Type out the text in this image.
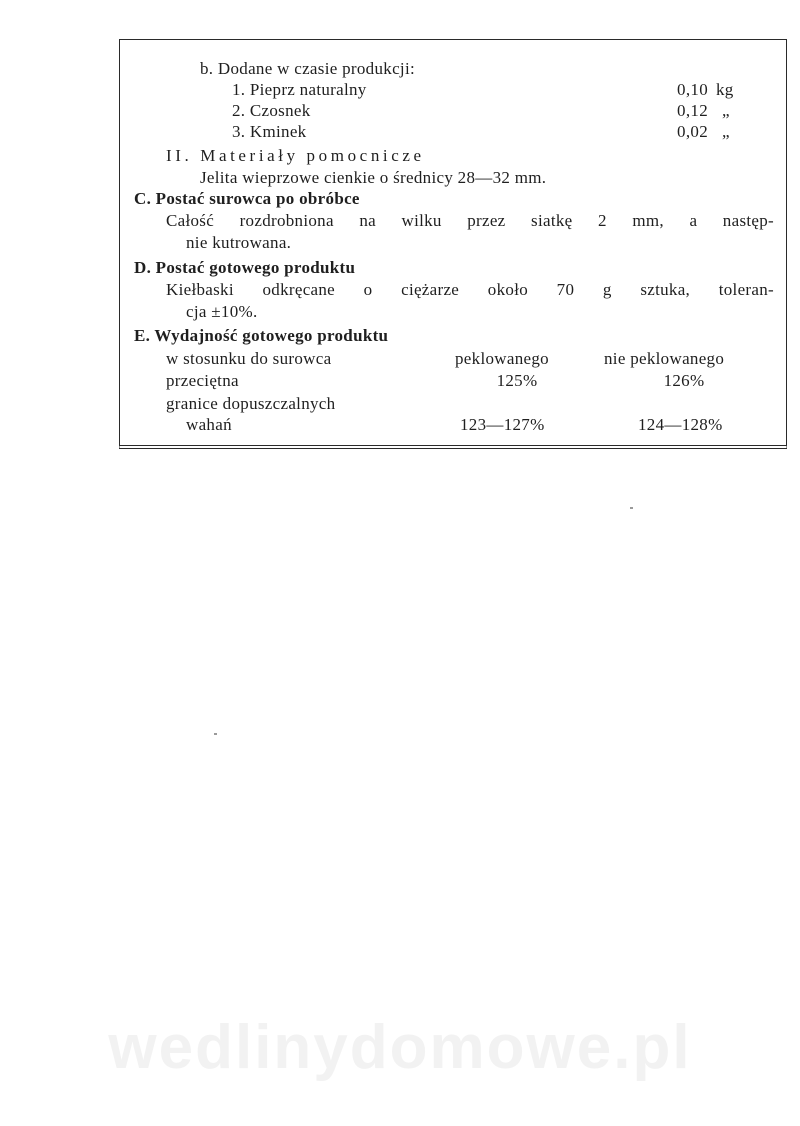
b. Dodane w czasie produkcji:
1. Pieprz naturalny	0,10 kg
2. Czosnek	0,12 „
3. Kminek	0,02 „
II. Materiały pomocnicze
Jelita wieprzowe cienkie o średnicy 28—32 mm.
C. Postać surowca po obróbce
Całość rozdrobniona na wilku przez siatkę 2 mm, a następ-
nie kutrowana.
D. Postać gotowego produktu
Kiełbaski odkręcane o ciężarze około 70 g sztuka, toleran-
cja ±10%.
E. Wydajność gotowego produktu
w stosunku do surowca	peklowanego	nie peklowanego
przeciętna	125%	126%
granice dopuszczalnych
wahań	123—127%	124—128%
wedlinydomowe.pl
